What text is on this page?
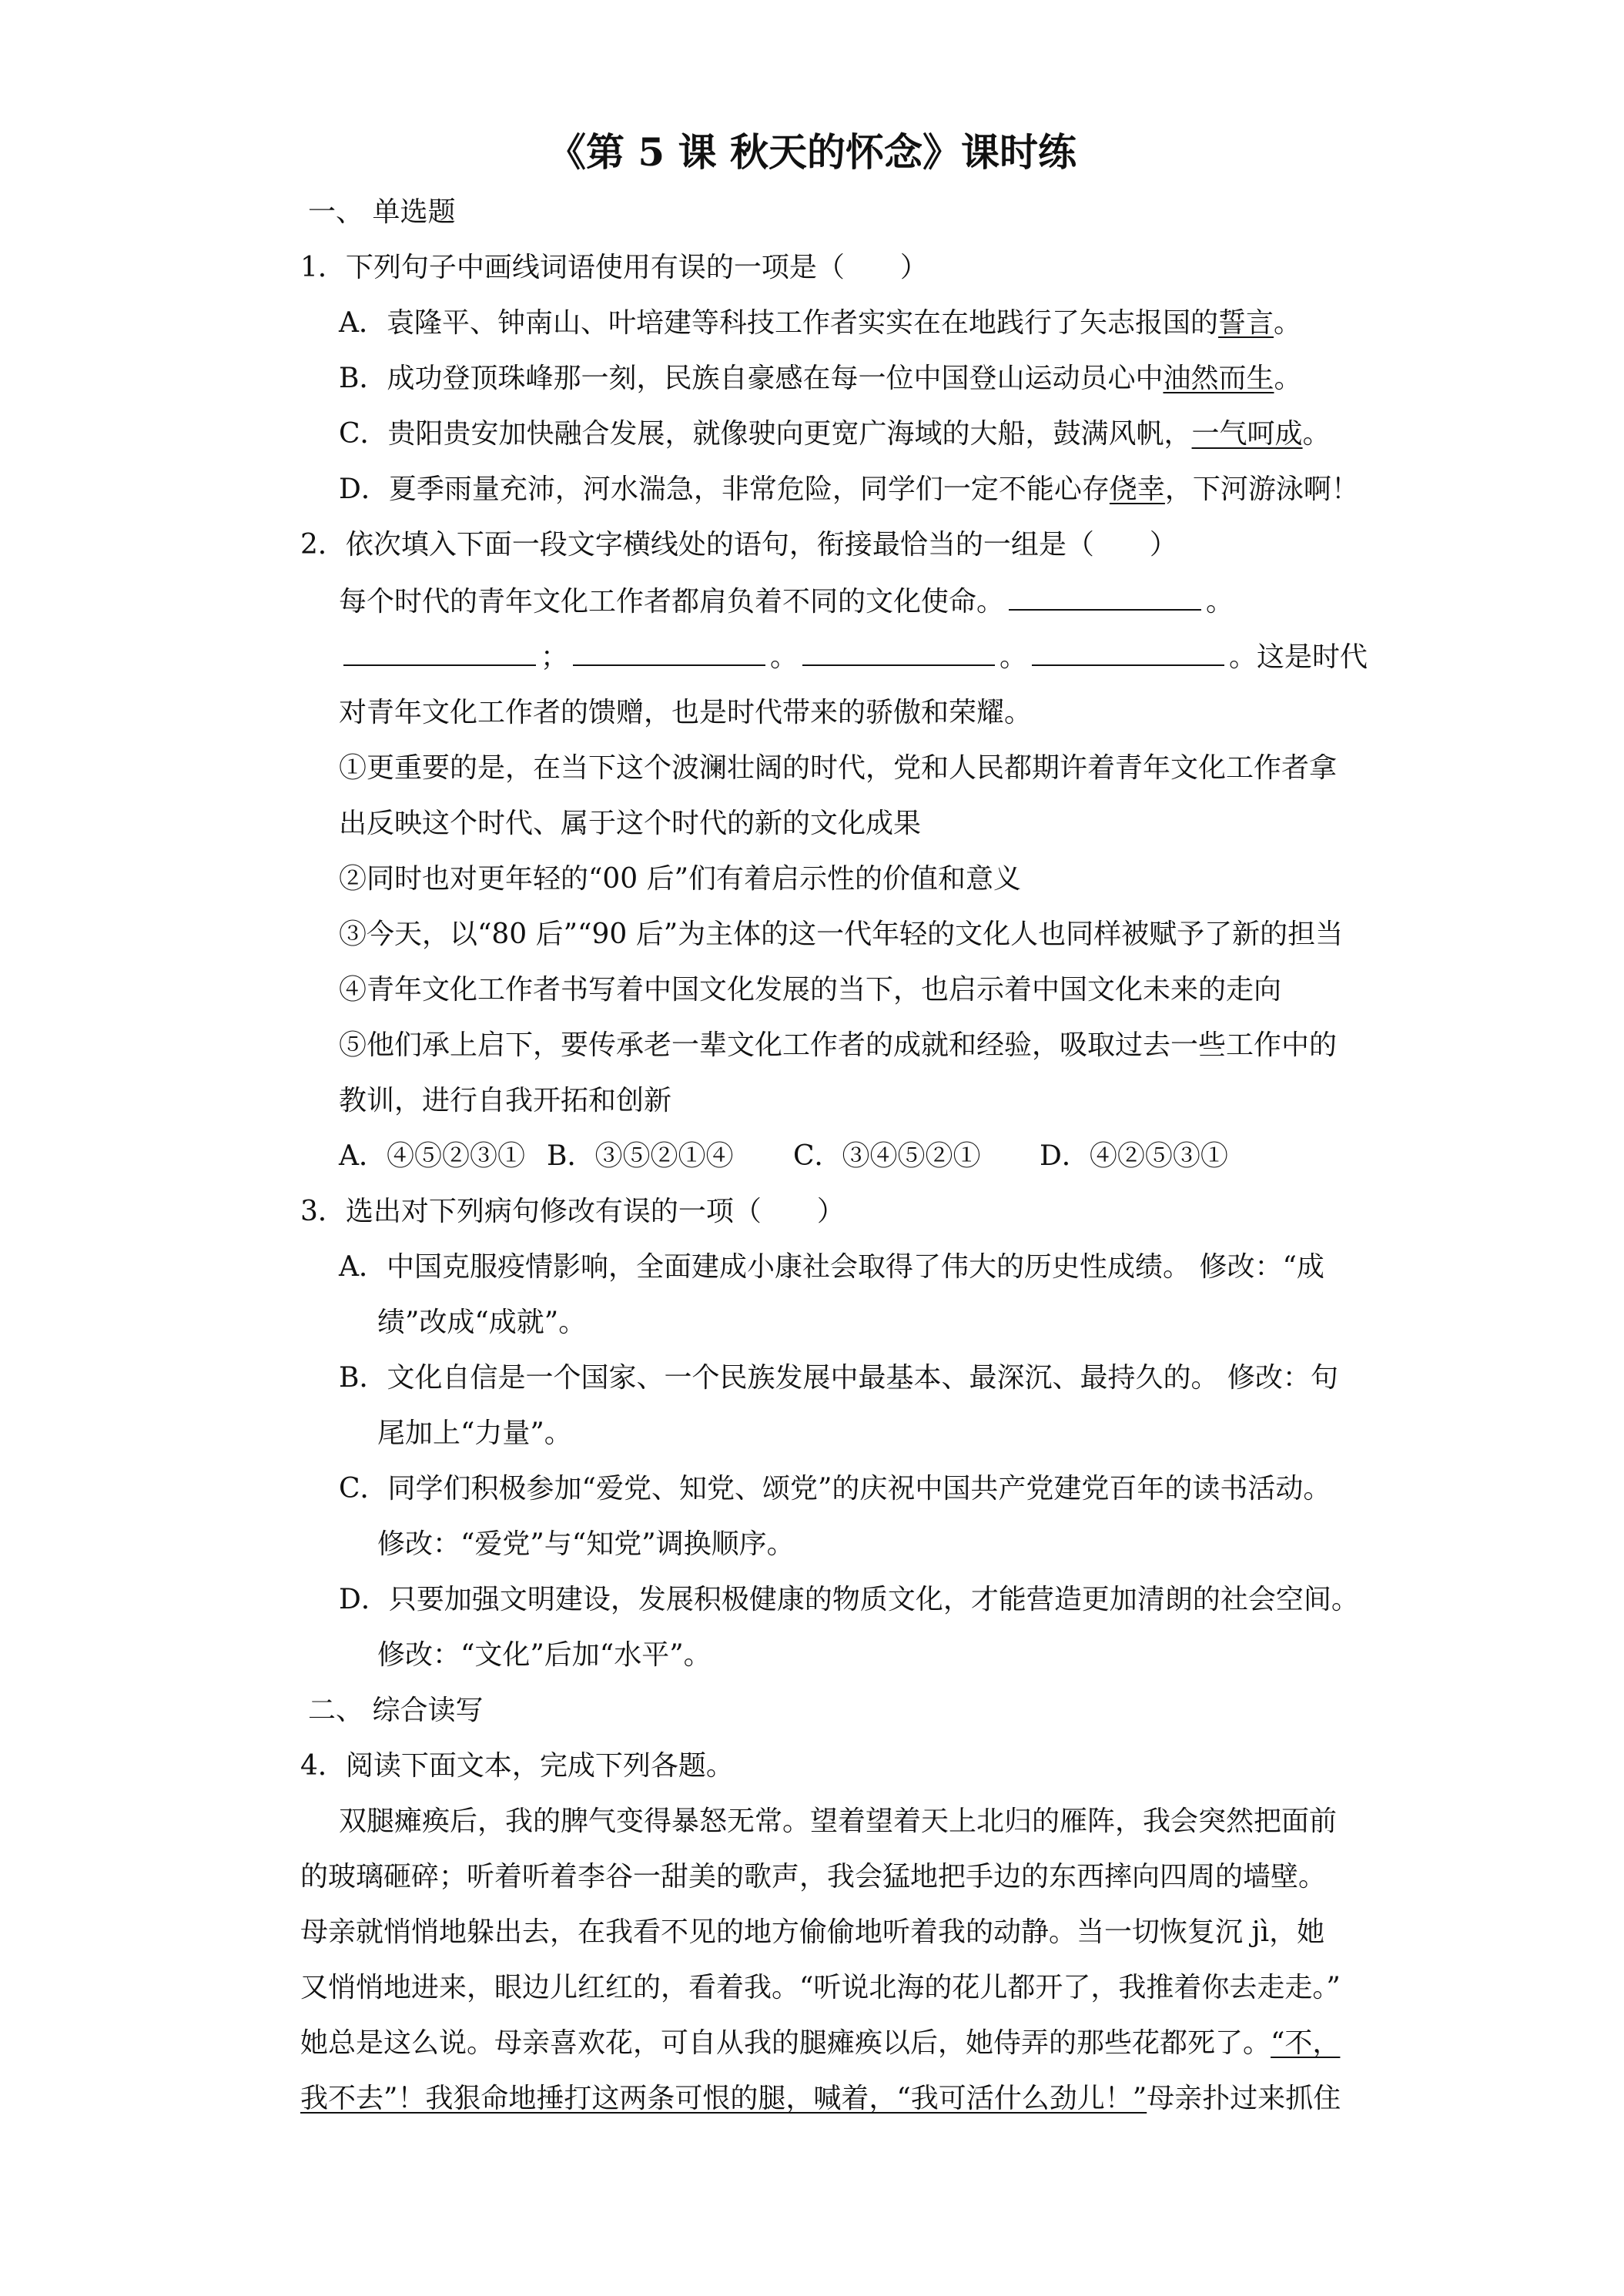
《第 5 课 秋天的怀念》课时练
一、 单选题
1．下列句子中画线词语使用有误的一项是（　　）
A．袁隆平、钟南山、叶培建等科技工作者实实在在地践行了矢志报国的誓言。
B．成功登顶珠峰那一刻，民族自豪感在每一位中国登山运动员心中油然而生。
C．贵阳贵安加快融合发展，就像驶向更宽广海域的大船，鼓满风帆，一气呵成。
D．夏季雨量充沛，河水湍急，非常危险，同学们一定不能心存侥幸，下河游泳啊！
2．依次填入下面一段文字横线处的语句，衔接最恰当的一组是（　　）
每个时代的青年文化工作者都肩负着不同的文化使命。	。
；	。	。	。这是时代
对青年文化工作者的馈赠，也是时代带来的骄傲和荣耀。
①更重要的是，在当下这个波澜壮阔的时代，党和人民都期许着青年文化工作者拿
出反映这个时代、属于这个时代的新的文化成果
②同时也对更年轻的“00 后”们有着启示性的价值和意义
③今天，以“80 后”“90 后”为主体的这一代年轻的文化人也同样被赋予了新的担当
④青年文化工作者书写着中国文化发展的当下，也启示着中国文化未来的走向
⑤他们承上启下，要传承老一辈文化工作者的成就和经验，吸取过去一些工作中的
教训，进行自我开拓和创新
A．④⑤②③① B．③⑤②①④ C．③④⑤②① D．④②⑤③①
3．选出对下列病句修改有误的一项（　　）
A．中国克服疫情影响，全面建成小康社会取得了伟大的历史性成绩。 修改：“成
绩”改成“成就”。
B．文化自信是一个国家、一个民族发展中最基本、最深沉、最持久的。 修改：句
尾加上“力量”。
C．同学们积极参加“爱党、知党、颂党”的庆祝中国共产党建党百年的读书活动。
修改：“爱党”与“知党”调换顺序。
D．只要加强文明建设，发展积极健康的物质文化，才能营造更加清朗的社会空间。
修改：“文化”后加“水平”。
二、 综合读写
4．阅读下面文本，完成下列各题。
双腿瘫痪后，我的脾气变得暴怒无常。望着望着天上北归的雁阵，我会突然把面前
的玻璃砸碎；听着听着李谷一甜美的歌声，我会猛地把手边的东西摔向四周的墙壁。
母亲就悄悄地躲出去，在我看不见的地方偷偷地听着我的动静。当一切恢复沉 jì，她
又悄悄地进来，眼边儿红红的，看着我。“听说北海的花儿都开了，我推着你去走走。”
她总是这么说。母亲喜欢花，可自从我的腿瘫痪以后，她侍弄的那些花都死了。“不，
我不去”！我狠命地捶打这两条可恨的腿，喊着，“我可活什么劲儿！”母亲扑过来抓住
